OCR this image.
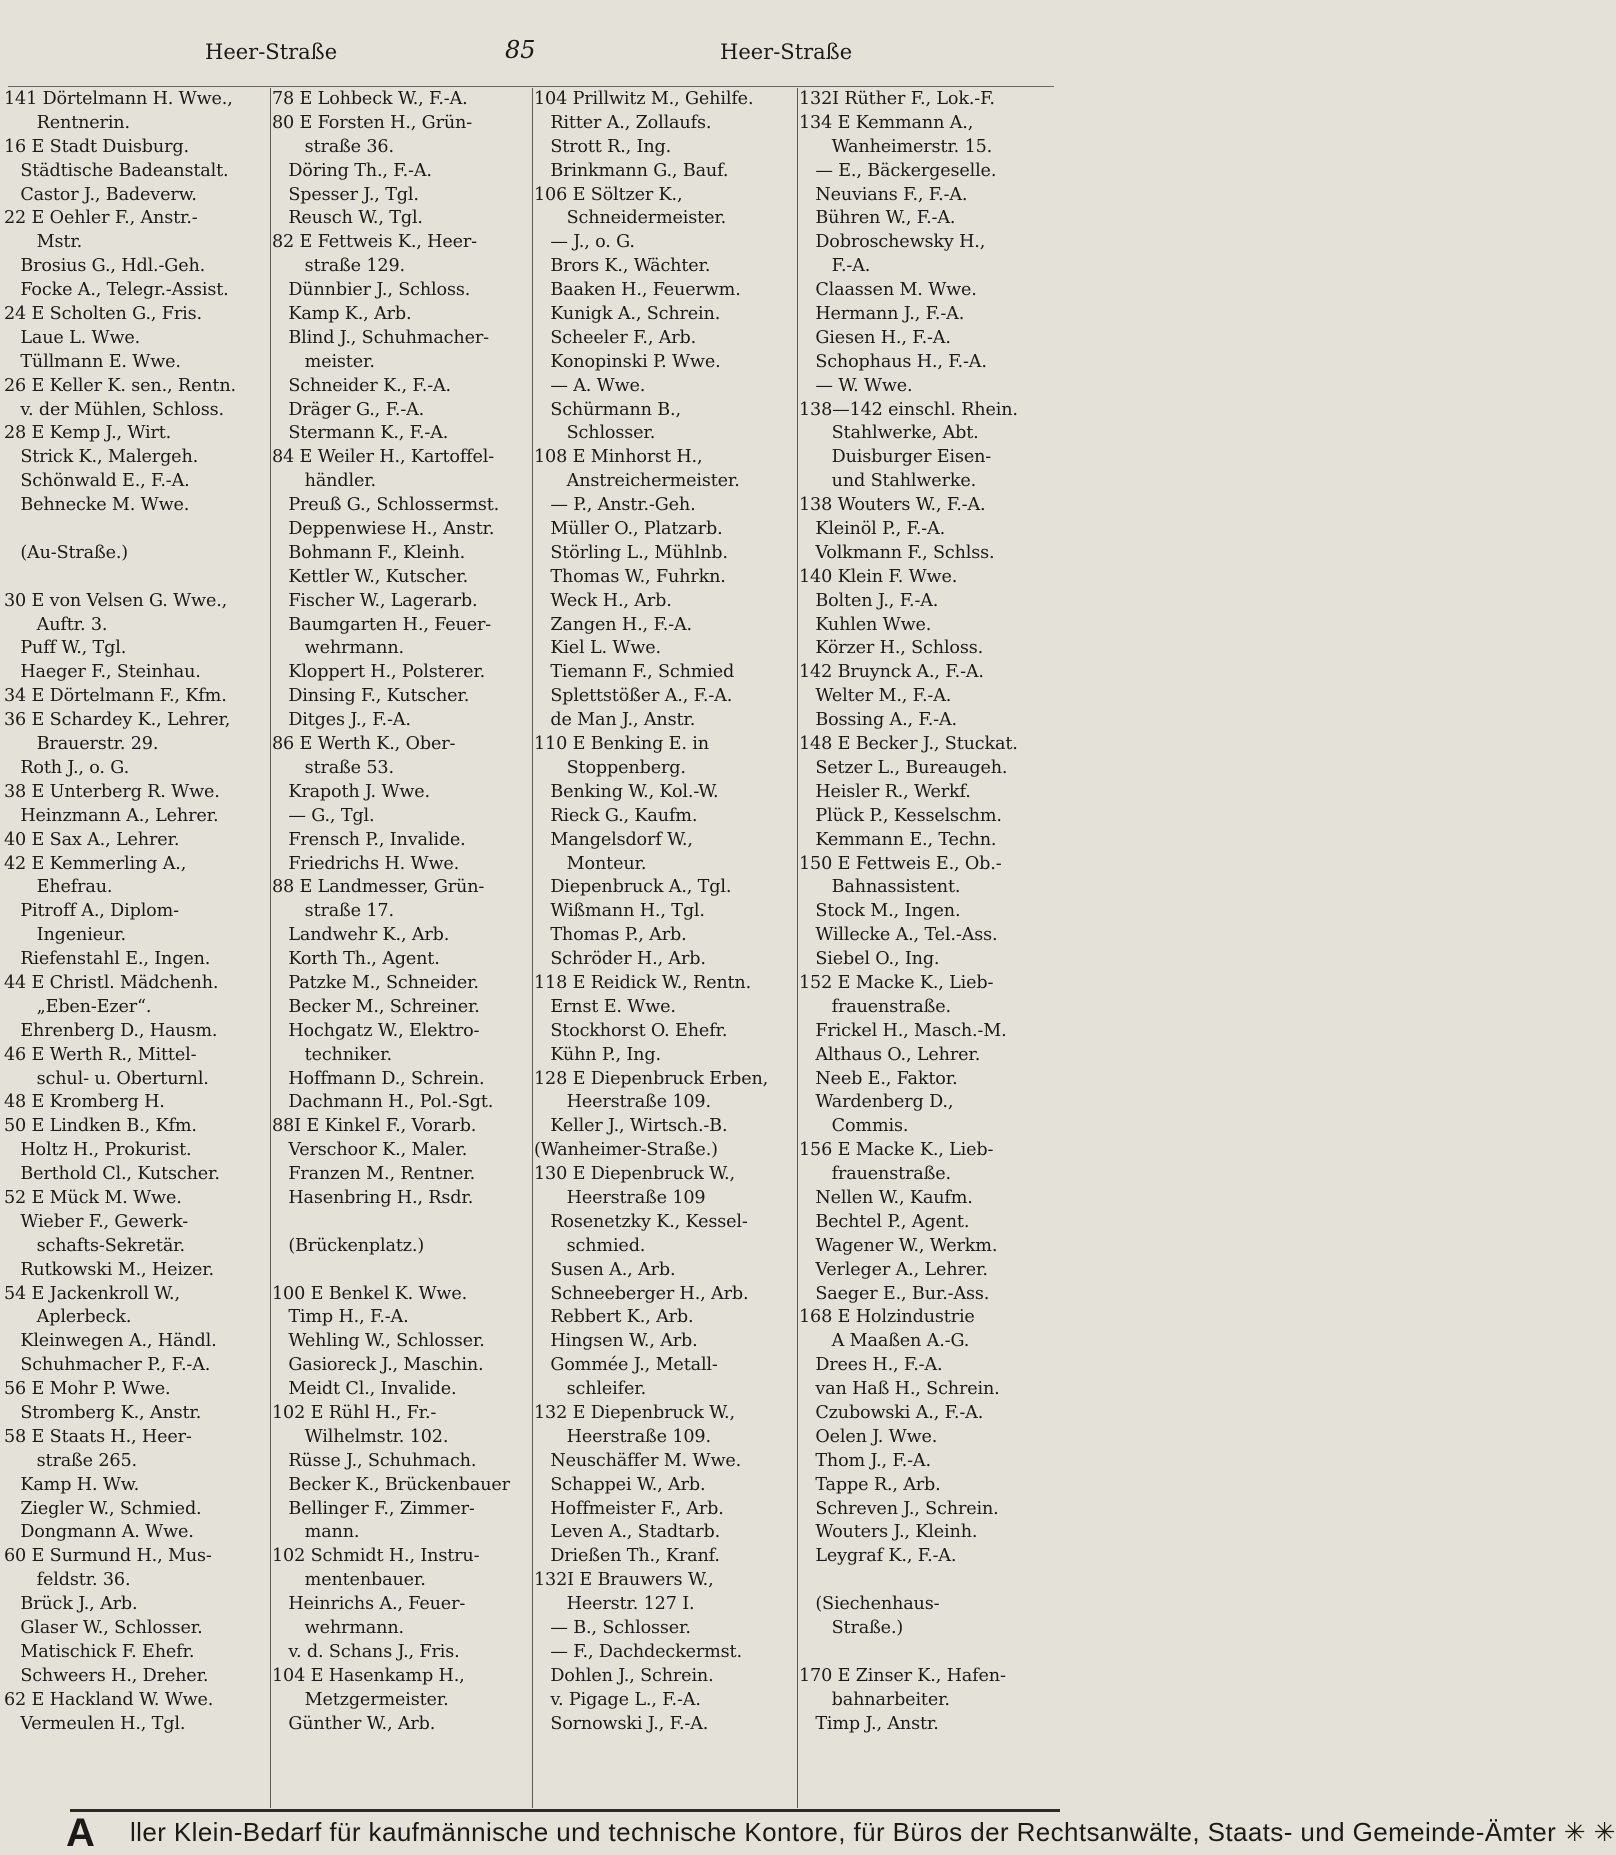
Heer-Straße	85	Heer-Straße
141 Dörtelmann H. Wwe.,
Rentnerin.
16 E Stadt Duisburg.
Städtische Badeanstalt.
Castor J., Badeverw.
22 E Oehler F., Anstr.-
Mstr.
Brosius G., Hdl.-Geh.
Focke A., Telegr.-Assist.
24 E Scholten G., Fris.
Laue L. Wwe.
Tüllmann E. Wwe.
26 E Keller K. sen., Rentn.
v. der Mühlen, Schloss.
28 E Kemp J., Wirt.
Strick K., Malergeh.
Schönwald E., F.-A.
Behnecke M. Wwe.
(Au-Straße.)
30 E von Velsen G. Wwe.,
Auftr. 3.
Puff W., Tgl.
Haeger F., Steinhau.
34 E Dörtelmann F., Kfm.
36 E Schardey K., Lehrer,
Brauerstr. 29.
Roth J., o. G.
38 E Unterberg R. Wwe.
Heinzmann A., Lehrer.
40 E Sax A., Lehrer.
42 E Kemmerling A.,
Ehefrau.
Pitroff A., Diplom-
Ingenieur.
Riefenstahl E., Ingen.
44 E Christl. Mädchenh.
„Eben-Ezer“.
Ehrenberg D., Hausm.
46 E Werth R., Mittel-
schul- u. Oberturnl.
48 E Kromberg H.
50 E Lindken B., Kfm.
Holtz H., Prokurist.
Berthold Cl., Kutscher.
52 E Mück M. Wwe.
Wieber F., Gewerk-
schafts-Sekretär.
Rutkowski M., Heizer.
54 E Jackenkroll W.,
Aplerbeck.
Kleinwegen A., Händl.
Schuhmacher P., F.-A.
56 E Mohr P. Wwe.
Stromberg K., Anstr.
58 E Staats H., Heer-
straße 265.
Kamp H. Ww.
Ziegler W., Schmied.
Dongmann A. Wwe.
60 E Surmund H., Mus-
feldstr. 36.
Brück J., Arb.
Glaser W., Schlosser.
Matischick F. Ehefr.
Schweers H., Dreher.
62 E Hackland W. Wwe.
Vermeulen H., Tgl.
78 E Lohbeck W., F.-A.
80 E Forsten H., Grün-
straße 36.
Döring Th., F.-A.
Spesser J., Tgl.
Reusch W., Tgl.
82 E Fettweis K., Heer-
straße 129.
Dünnbier J., Schloss.
Kamp K., Arb.
Blind J., Schuhmacher-
meister.
Schneider K., F.-A.
Dräger G., F.-A.
Stermann K., F.-A.
84 E Weiler H., Kartoffel-
händler.
Preuß G., Schlossermst.
Deppenwiese H., Anstr.
Bohmann F., Kleinh.
Kettler W., Kutscher.
Fischer W., Lagerarb.
Baumgarten H., Feuer-
wehrmann.
Kloppert H., Polsterer.
Dinsing F., Kutscher.
Ditges J., F.-A.
86 E Werth K., Ober-
straße 53.
Krapoth J. Wwe.
— G., Tgl.
Frensch P., Invalide.
Friedrichs H. Wwe.
88 E Landmesser, Grün-
straße 17.
Landwehr K., Arb.
Korth Th., Agent.
Patzke M., Schneider.
Becker M., Schreiner.
Hochgatz W., Elektro-
techniker.
Hoffmann D., Schrein.
Dachmann H., Pol.-Sgt.
88I E Kinkel F., Vorarb.
Verschoor K., Maler.
Franzen M., Rentner.
Hasenbring H., Rsdr.
(Brückenplatz.)
100 E Benkel K. Wwe.
Timp H., F.-A.
Wehling W., Schlosser.
Gasioreck J., Maschin.
Meidt Cl., Invalide.
102 E Rühl H., Fr.-
Wilhelmstr. 102.
Rüsse J., Schuhmach.
Becker K., Brückenbauer
Bellinger F., Zimmer-
mann.
102 Schmidt H., Instru-
mentenbauer.
Heinrichs A., Feuer-
wehrmann.
v. d. Schans J., Fris.
104 E Hasenkamp H.,
Metzgermeister.
Günther W., Arb.
104 Prillwitz M., Gehilfe.
Ritter A., Zollaufs.
Strott R., Ing.
Brinkmann G., Bauf.
106 E Söltzer K.,
Schneidermeister.
— J., o. G.
Brors K., Wächter.
Baaken H., Feuerwm.
Kunigk A., Schrein.
Scheeler F., Arb.
Konopinski P. Wwe.
— A. Wwe.
Schürmann B.,
Schlosser.
108 E Minhorst H.,
Anstreichermeister.
— P., Anstr.-Geh.
Müller O., Platzarb.
Störling L., Mühlnb.
Thomas W., Fuhrkn.
Weck H., Arb.
Zangen H., F.-A.
Kiel L. Wwe.
Tiemann F., Schmied
Splettstößer A., F.-A.
de Man J., Anstr.
110 E Benking E. in
Stoppenberg.
Benking W., Kol.-W.
Rieck G., Kaufm.
Mangelsdorf W.,
Monteur.
Diepenbruck A., Tgl.
Wißmann H., Tgl.
Thomas P., Arb.
Schröder H., Arb.
118 E Reidick W., Rentn.
Ernst E. Wwe.
Stockhorst O. Ehefr.
Kühn P., Ing.
128 E Diepenbruck Erben,
Heerstraße 109.
Keller J., Wirtsch.-B.
(Wanheimer-Straße.)
130 E Diepenbruck W.,
Heerstraße 109
Rosenetzky K., Kessel-
schmied.
Susen A., Arb.
Schneeberger H., Arb.
Rebbert K., Arb.
Hingsen W., Arb.
Gommée J., Metall-
schleifer.
132 E Diepenbruck W.,
Heerstraße 109.
Neuschäffer M. Wwe.
Schappei W., Arb.
Hoffmeister F., Arb.
Leven A., Stadtarb.
Drießen Th., Kranf.
132I E Brauwers W.,
Heerstr. 127 I.
— B., Schlosser.
— F., Dachdeckermst.
Dohlen J., Schrein.
v. Pigage L., F.-A.
Sornowski J., F.-A.
132I Rüther F., Lok.-F.
134 E Kemmann A.,
Wanheimerstr. 15.
— E., Bäckergeselle.
Neuvians F., F.-A.
Bühren W., F.-A.
Dobroschewsky H.,
F.-A.
Claassen M. Wwe.
Hermann J., F.-A.
Giesen H., F.-A.
Schophaus H., F.-A.
— W. Wwe.
138—142 einschl. Rhein.
Stahlwerke, Abt.
Duisburger Eisen-
und Stahlwerke.
138 Wouters W., F.-A.
Kleinöl P., F.-A.
Volkmann F., Schlss.
140 Klein F. Wwe.
Bolten J., F.-A.
Kuhlen Wwe.
Körzer H., Schloss.
142 Bruynck A., F.-A.
Welter M., F.-A.
Bossing A., F.-A.
148 E Becker J., Stuckat.
Setzer L., Bureaugeh.
Heisler R., Werkf.
Plück P., Kesselschm.
Kemmann E., Techn.
150 E Fettweis E., Ob.-
Bahnassistent.
Stock M., Ingen.
Willecke A., Tel.-Ass.
Siebel O., Ing.
152 E Macke K., Lieb-
frauenstraße.
Frickel H., Masch.-M.
Althaus O., Lehrer.
Neeb E., Faktor.
Wardenberg D.,
Commis.
156 E Macke K., Lieb-
frauenstraße.
Nellen W., Kaufm.
Bechtel P., Agent.
Wagener W., Werkm.
Verleger A., Lehrer.
Saeger E., Bur.-Ass.
168 E Holzindustrie
A Maaßen A.-G.
Drees H., F.-A.
van Haß H., Schrein.
Czubowski A., F.-A.
Oelen J. Wwe.
Thom J., F.-A.
Tappe R., Arb.
Schreven J., Schrein.
Wouters J., Kleinh.
Leygraf K., F.-A.
(Siechenhaus-
Straße.)
170 E Zinser K., Hafen-
bahnarbeiter.
Timp J., Anstr.
A ller Klein-Bedarf für kaufmännische und technische Kontore, für Büros der Rechtsanwälte, Staats- und Gemeinde-Ämter ✳ ✳
